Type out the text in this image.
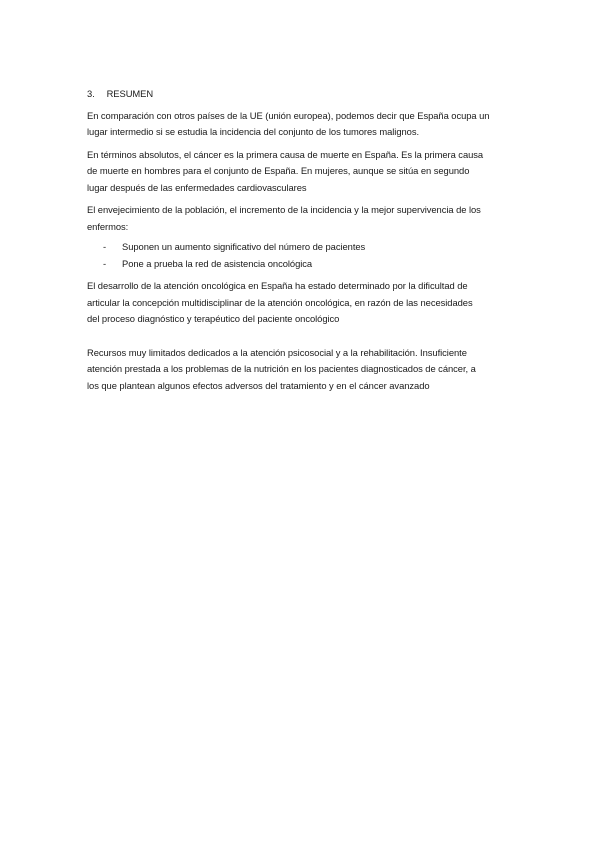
3. RESUMEN

En comparación con otros países de la UE (unión europea), podemos decir que España ocupa un
lugar intermedio si se estudia la incidencia del conjunto de los tumores malignos.

En términos absolutos, el cáncer es la primera causa de muerte en España. Es la primera causa
de muerte en hombres para el conjunto de España. En mujeres, aunque se sitúa en segundo
lugar después de las enfermedades cardiovasculares

El envejecimiento de la población, el incremento de la incidencia y la mejor supervivencia de los
enfermos:

- Suponen un aumento significativo del número de pacientes
- Pone a prueba la red de asistencia oncológica

El desarrollo de la atención oncológica en España ha estado determinado por la dificultad de
articular la concepción multidisciplinar de la atención oncológica, en razón de las necesidades
del proceso diagnóstico y terapéutico del paciente oncológico

Recursos muy limitados dedicados a la atención psicosocial y a la rehabilitación. Insuficiente
atención prestada a los problemas de la nutrición en los pacientes diagnosticados de cáncer, a
los que plantean algunos efectos adversos del tratamiento y en el cáncer avanzado
